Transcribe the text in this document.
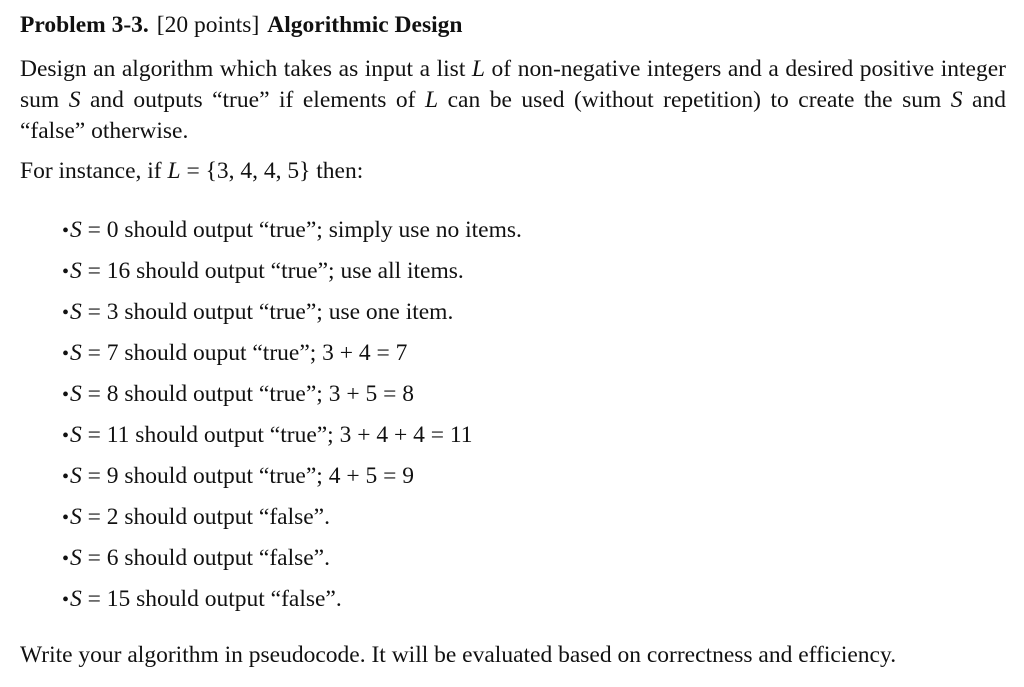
Problem 3-3. [20 points] Algorithmic Design

Design an algorithm which takes as input a list L of non-negative integers and a desired positive integer sum S and outputs “true” if elements of L can be used (without repetition) to create the sum S and “false” otherwise.

For instance, if L = {3, 4, 4, 5} then:

•S = 0 should output “true”; simply use no items.
•S = 16 should output “true”; use all items.
•S = 3 should output “true”; use one item.
•S = 7 should ouput “true”; 3 + 4 = 7
•S = 8 should output “true”; 3 + 5 = 8
•S = 11 should output “true”; 3 + 4 + 4 = 11
•S = 9 should output “true”; 4 + 5 = 9
•S = 2 should output “false”.
•S = 6 should output “false”.
•S = 15 should output “false”.

Write your algorithm in pseudocode. It will be evaluated based on correctness and efficiency.
